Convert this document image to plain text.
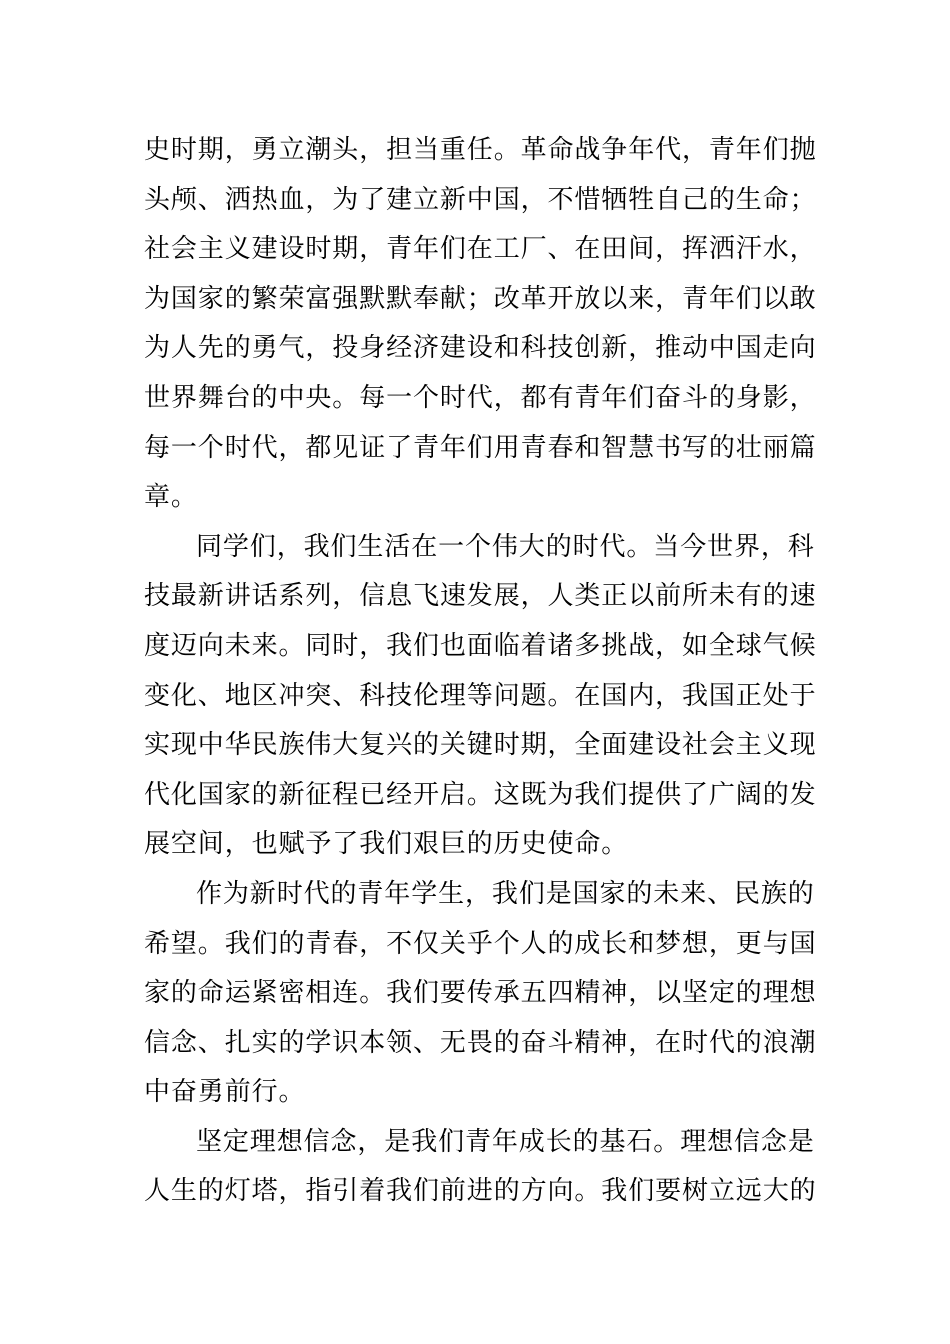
史时期，勇立潮头，担当重任。革命战争年代，青年们抛
头颅、洒热血，为了建立新中国，不惜牺牲自己的生命；
社会主义建设时期，青年们在工厂、在田间，挥洒汗水，
为国家的繁荣富强默默奉献；改革开放以来，青年们以敢
为人先的勇气，投身经济建设和科技创新，推动中国走向
世界舞台的中央。每一个时代，都有青年们奋斗的身影，
每一个时代，都见证了青年们用青春和智慧书写的壮丽篇
章。
同学们，我们生活在一个伟大的时代。当今世界，科
技最新讲话系列，信息飞速发展，人类正以前所未有的速
度迈向未来。同时，我们也面临着诸多挑战，如全球气候
变化、地区冲突、科技伦理等问题。在国内，我国正处于
实现中华民族伟大复兴的关键时期，全面建设社会主义现
代化国家的新征程已经开启。这既为我们提供了广阔的发
展空间，也赋予了我们艰巨的历史使命。
作为新时代的青年学生，我们是国家的未来、民族的
希望。我们的青春，不仅关乎个人的成长和梦想，更与国
家的命运紧密相连。我们要传承五四精神，以坚定的理想
信念、扎实的学识本领、无畏的奋斗精神，在时代的浪潮
中奋勇前行。
坚定理想信念，是我们青年成长的基石。理想信念是
人生的灯塔，指引着我们前进的方向。我们要树立远大的
